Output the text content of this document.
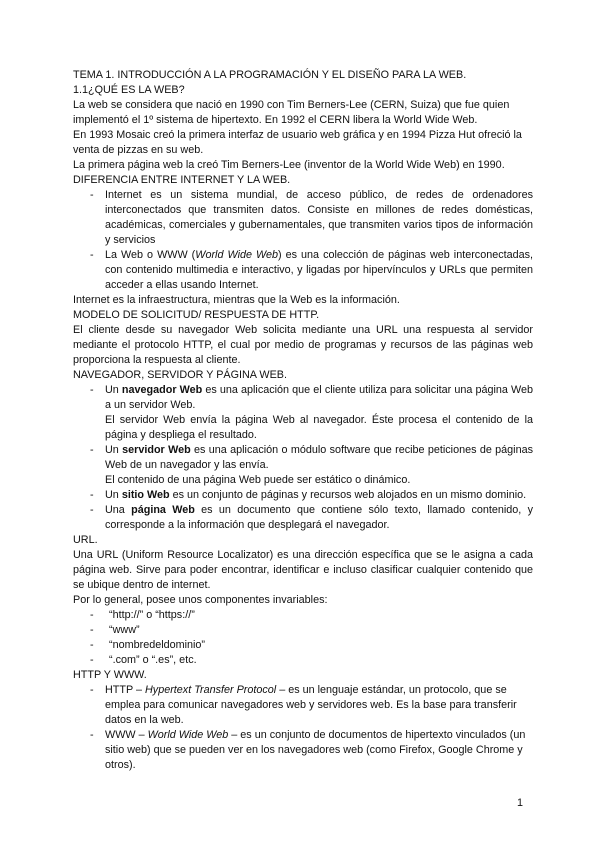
TEMA 1. INTRODUCCIÓN A LA PROGRAMACIÓN Y EL DISEÑO PARA LA WEB.

1.1¿QUÉ ES LA WEB?

La web se considera que nació en 1990 con Tim Berners-Lee (CERN, Suiza) que fue quien implementó el 1º sistema de hipertexto. En 1992 el CERN libera la World Wide Web.

En 1993 Mosaic creó la primera interfaz de usuario web gráfica y en 1994 Pizza Hut ofreció la venta de pizzas en su web.

La primera página web la creó Tim Berners-Lee (inventor de la World Wide Web) en 1990.

DIFERENCIA ENTRE INTERNET Y LA WEB.

- Internet es un sistema mundial, de acceso público, de redes de ordenadores interconectados que transmiten datos. Consiste en millones de redes domésticas, académicas, comerciales y gubernamentales, que transmiten varios tipos de información y servicios
- La Web o WWW (World Wide Web) es una colección de páginas web interconectadas, con contenido multimedia e interactivo, y ligadas por hipervínculos y URLs que permiten acceder a ellas usando Internet.

Internet es la infraestructura, mientras que la Web es la información.

MODELO DE SOLICITUD/ RESPUESTA DE HTTP.

El cliente desde su navegador Web solicita mediante una URL una respuesta al servidor mediante el protocolo HTTP, el cual por medio de programas y recursos de las páginas web proporciona la respuesta al cliente.

NAVEGADOR, SERVIDOR Y PÁGINA WEB.

- Un navegador Web es una aplicación que el cliente utiliza para solicitar una página Web a un servidor Web.

El servidor Web envía la página Web al navegador. Éste procesa el contenido de la página y despliega el resultado.

- Un servidor Web es una aplicación o módulo software que recibe peticiones de páginas Web de un navegador y las envía.

El contenido de una página Web puede ser estático o dinámico.

- Un sitio Web es un conjunto de páginas y recursos web alojados en un mismo dominio.
- Una página Web es un documento que contiene sólo texto, llamado contenido, y corresponde a la información que desplegará el navegador.

URL.

Una URL (Uniform Resource Localizator) es una dirección específica que se le asigna a cada página web. Sirve para poder encontrar, identificar e incluso clasificar cualquier contenido que se ubique dentro de internet.

Por lo general, posee unos componentes invariables:

- “http://” o “https://”
- “www”
- “nombredeldominio”
- “.com” o “.es”, etc.

HTTP Y WWW.

- HTTP – Hypertext Transfer Protocol – es un lenguaje estándar, un protocolo, que se emplea para comunicar navegadores web y servidores web. Es la base para transferir datos en la web.
- WWW – World Wide Web – es un conjunto de documentos de hipertexto vinculados (un sitio web) que se pueden ver en los navegadores web (como Firefox, Google Chrome y otros).
1
